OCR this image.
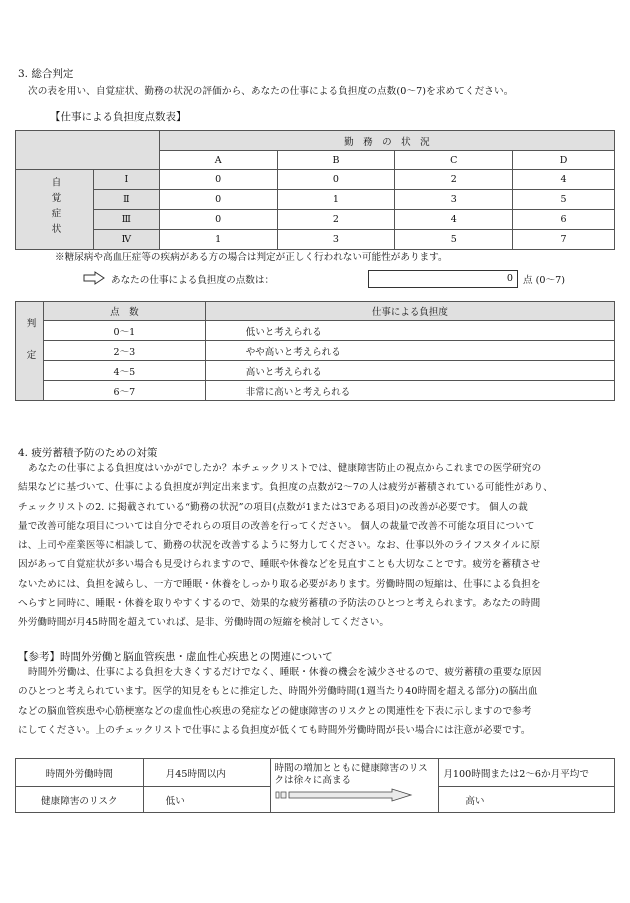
3. 総合判定
次の表を用い、自覚症状、勤務の状況の評価から、あなたの仕事による負担度の点数(0〜7)を求めてください。
【仕事による負担度点数表】
		勤　務　の　状　況			
		A	B	C	D
自覚症状	Ⅰ	0	0	2	4
	Ⅱ	0	1	3	5
	Ⅲ	0	2	4	6
	Ⅳ	1	3	5	7
※糖尿病や高血圧症等の疾病がある方の場合は判定が正しく行われない可能性があります。
あなたの仕事による負担度の点数は：	0	点 (0〜7)
判定	点　数	仕事による負担度
	0〜1	低いと考えられる
	2〜3	やや高いと考えられる
	4〜5	高いと考えられる
	6〜7	非常に高いと考えられる
4. 疲労蓄積予防のための対策
あなたの仕事による負担度はいかがでしたか？本チェックリストでは、健康障害防止の視点からこれまでの医学研究の
結果などに基づいて、仕事による負担度が判定出来ます。負担度の点数が2〜7の人は疲労が蓄積されている可能性があり、
チェックリストの2. に掲載されている“勤務の状況”の項目(点数が1または3である項目)の改善が必要です。 個人の裁
量で改善可能な項目については自分でそれらの項目の改善を行ってください。 個人の裁量で改善不可能な項目について
は、上司や産業医等に相談して、勤務の状況を改善するように努力してください。なお、仕事以外のライフスタイルに原
因があって自覚症状が多い場合も見受けられますので、睡眠や休養などを見直すことも大切なことです。疲労を蓄積させ
ないためには、負担を減らし、一方で睡眠・休養をしっかり取る必要があります。労働時間の短縮は、仕事による負担を
へらすと同時に、睡眠・休養を取りやすくするので、効果的な疲労蓄積の予防法のひとつと考えられます。あなたの時間
外労働時間が月45時間を超えていれば、是非、労働時間の短縮を検討してください。
【参考】時間外労働と脳血管疾患・虚血性心疾患との関連について
時間外労働は、仕事による負担を大きくするだけでなく、睡眠・休養の機会を減少させるので、疲労蓄積の重要な原因
のひとつと考えられています。医学的知見をもとに推定した、時間外労働時間(1週当たり40時間を超える部分)の脳出血
などの脳血管疾患や心筋梗塞などの虚血性心疾患の発症などの健康障害のリスクとの関連性を下表に示しますので参考
にしてください。上のチェックリストで仕事による負担度が低くても時間外労働時間が長い場合には注意が必要です。
時間外労働時間	月45時間以内	時間の増加とともに健康障害のリスクは徐々に高まる	月100時間または2〜6か月平均で
健康障害のリスク	低い		高い
